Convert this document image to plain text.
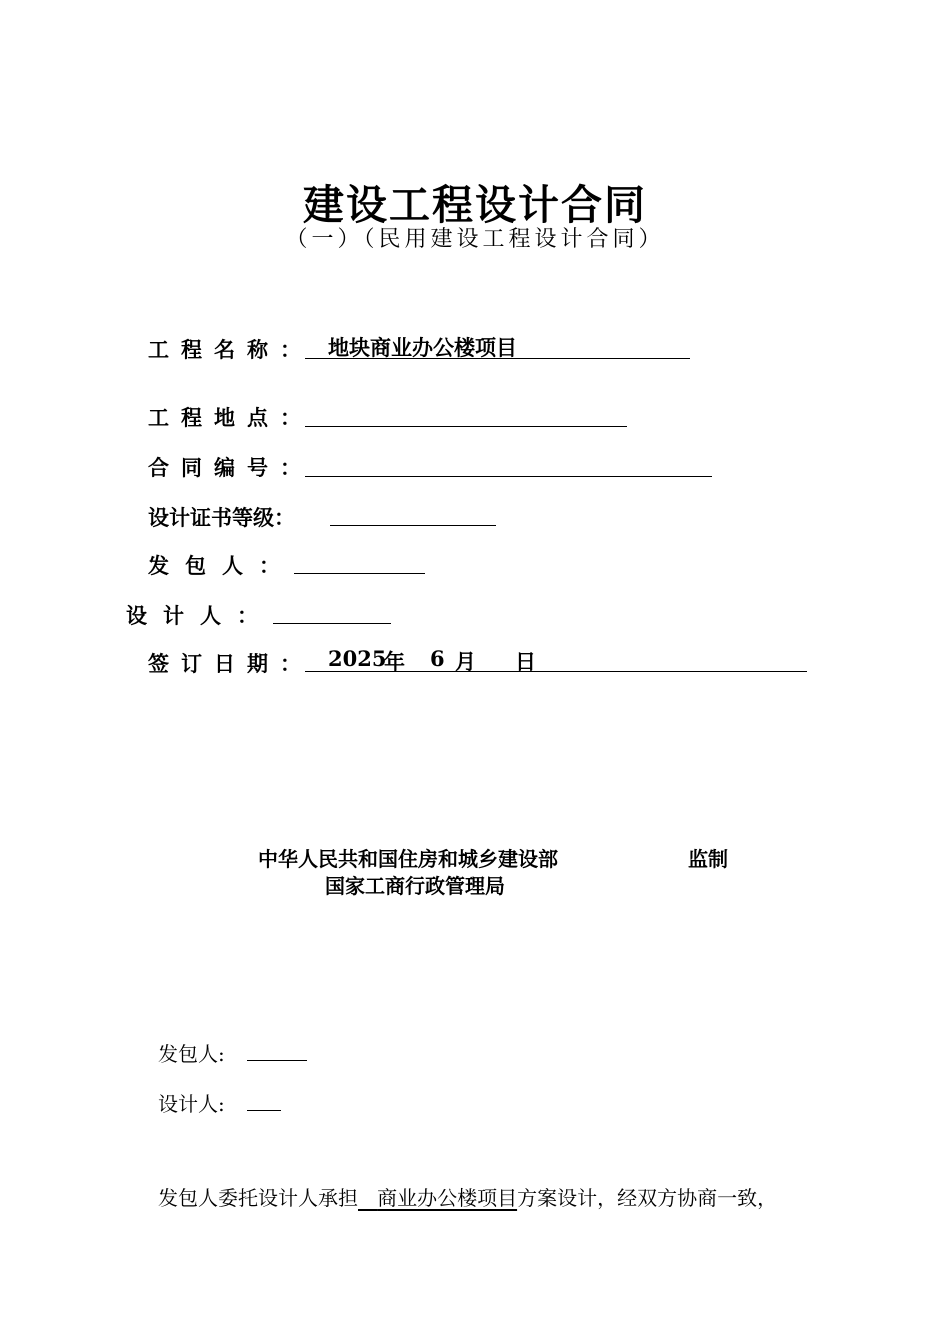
建设工程设计合同
（一）（民用建设工程设计合同）
工程名称： 地块商业办公楼项目
工程地点：
合同编号：
设计证书等级：
发包人：
设计人：
签订日期： 2025
年 6 月 日
中华人民共和国住房和城乡建设部	监制
国家工商行政管理局
发包人:
设计人:
发包人委托设计人承担 商业办公楼项目方案设计，经双方协商一致，
